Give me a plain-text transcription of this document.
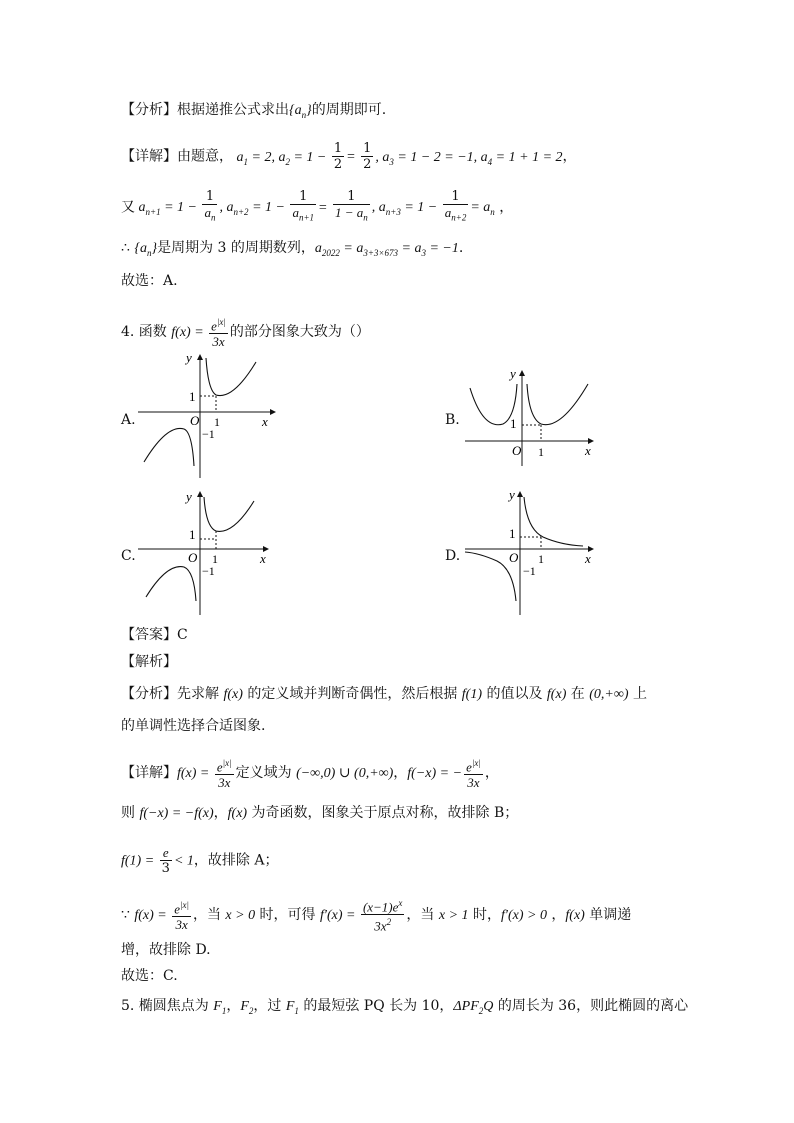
【分析】根据递推公式求出$\{a_n\}$的周期即可.
【详解】由题意， $a_1 = 2$, $a_2 = 1 - \frac{1}{2} = \frac{1}{2}$ , $a_3 = 1 - 2 = -1$, $a_4 = 1 + 1 = 2$，
又 $a_{n+1} = 1 - \frac{1}{a_n}$ , $a_{n+2} = 1 - \frac{1}{a_{n+1}} = \frac{1}{1 - a_n}$ , $a_{n+3} = 1 - \frac{1}{a_{n+2}} = a_n$ ，
∴ $\{a_n\}$是周期为 3 的周期数列，$a_{2022} = a_{3+3\times 673} = a_3 = -1$.
故选：A.
4. 函数 $f(x) = \frac{e^{|x|}}{3x}$ 的部分图象大致为（）
A.	B.
C.	D.
1
O 1
−1
x
y
1
O 1	x
y
1
O 1
−1
x
y
1
O 1
−1
x
y
【答案】C
【解析】
【分析】先求解 f(x) 的定义域并判断奇偶性，然后根据 f(1) 的值以及 f(x) 在 (0,+∞) 上
的单调性选择合适图象.
【详解】$f(x) = \frac{e^{|x|}}{3x}$ 定义域为 (−∞,0) ∪ (0,+∞)，f(−x) = − $\frac{e^{|x|}}{3x}$ ，
则 f(−x) = −f(x)，f(x) 为奇函数，图象关于原点对称，故排除 B；
$f(1) = \frac{e}{3} < 1$，故排除 A；
∵ $f(x) = \frac{e^{|x|}}{3x}$ ，当 x > 0 时，可得 $f'(x) = \frac{(x-1)e^x}{3x^2}$ ，当 x > 1 时，f′(x) > 0 ，f(x) 单调递
增，故排除 D.
故选：C.
5. 椭圆焦点为 $F_1$，$F_2$，过 $F_1$ 的最短弦 PQ 长为 10，$\Delta PF_2Q$ 的周长为 36，则此椭圆的离心
